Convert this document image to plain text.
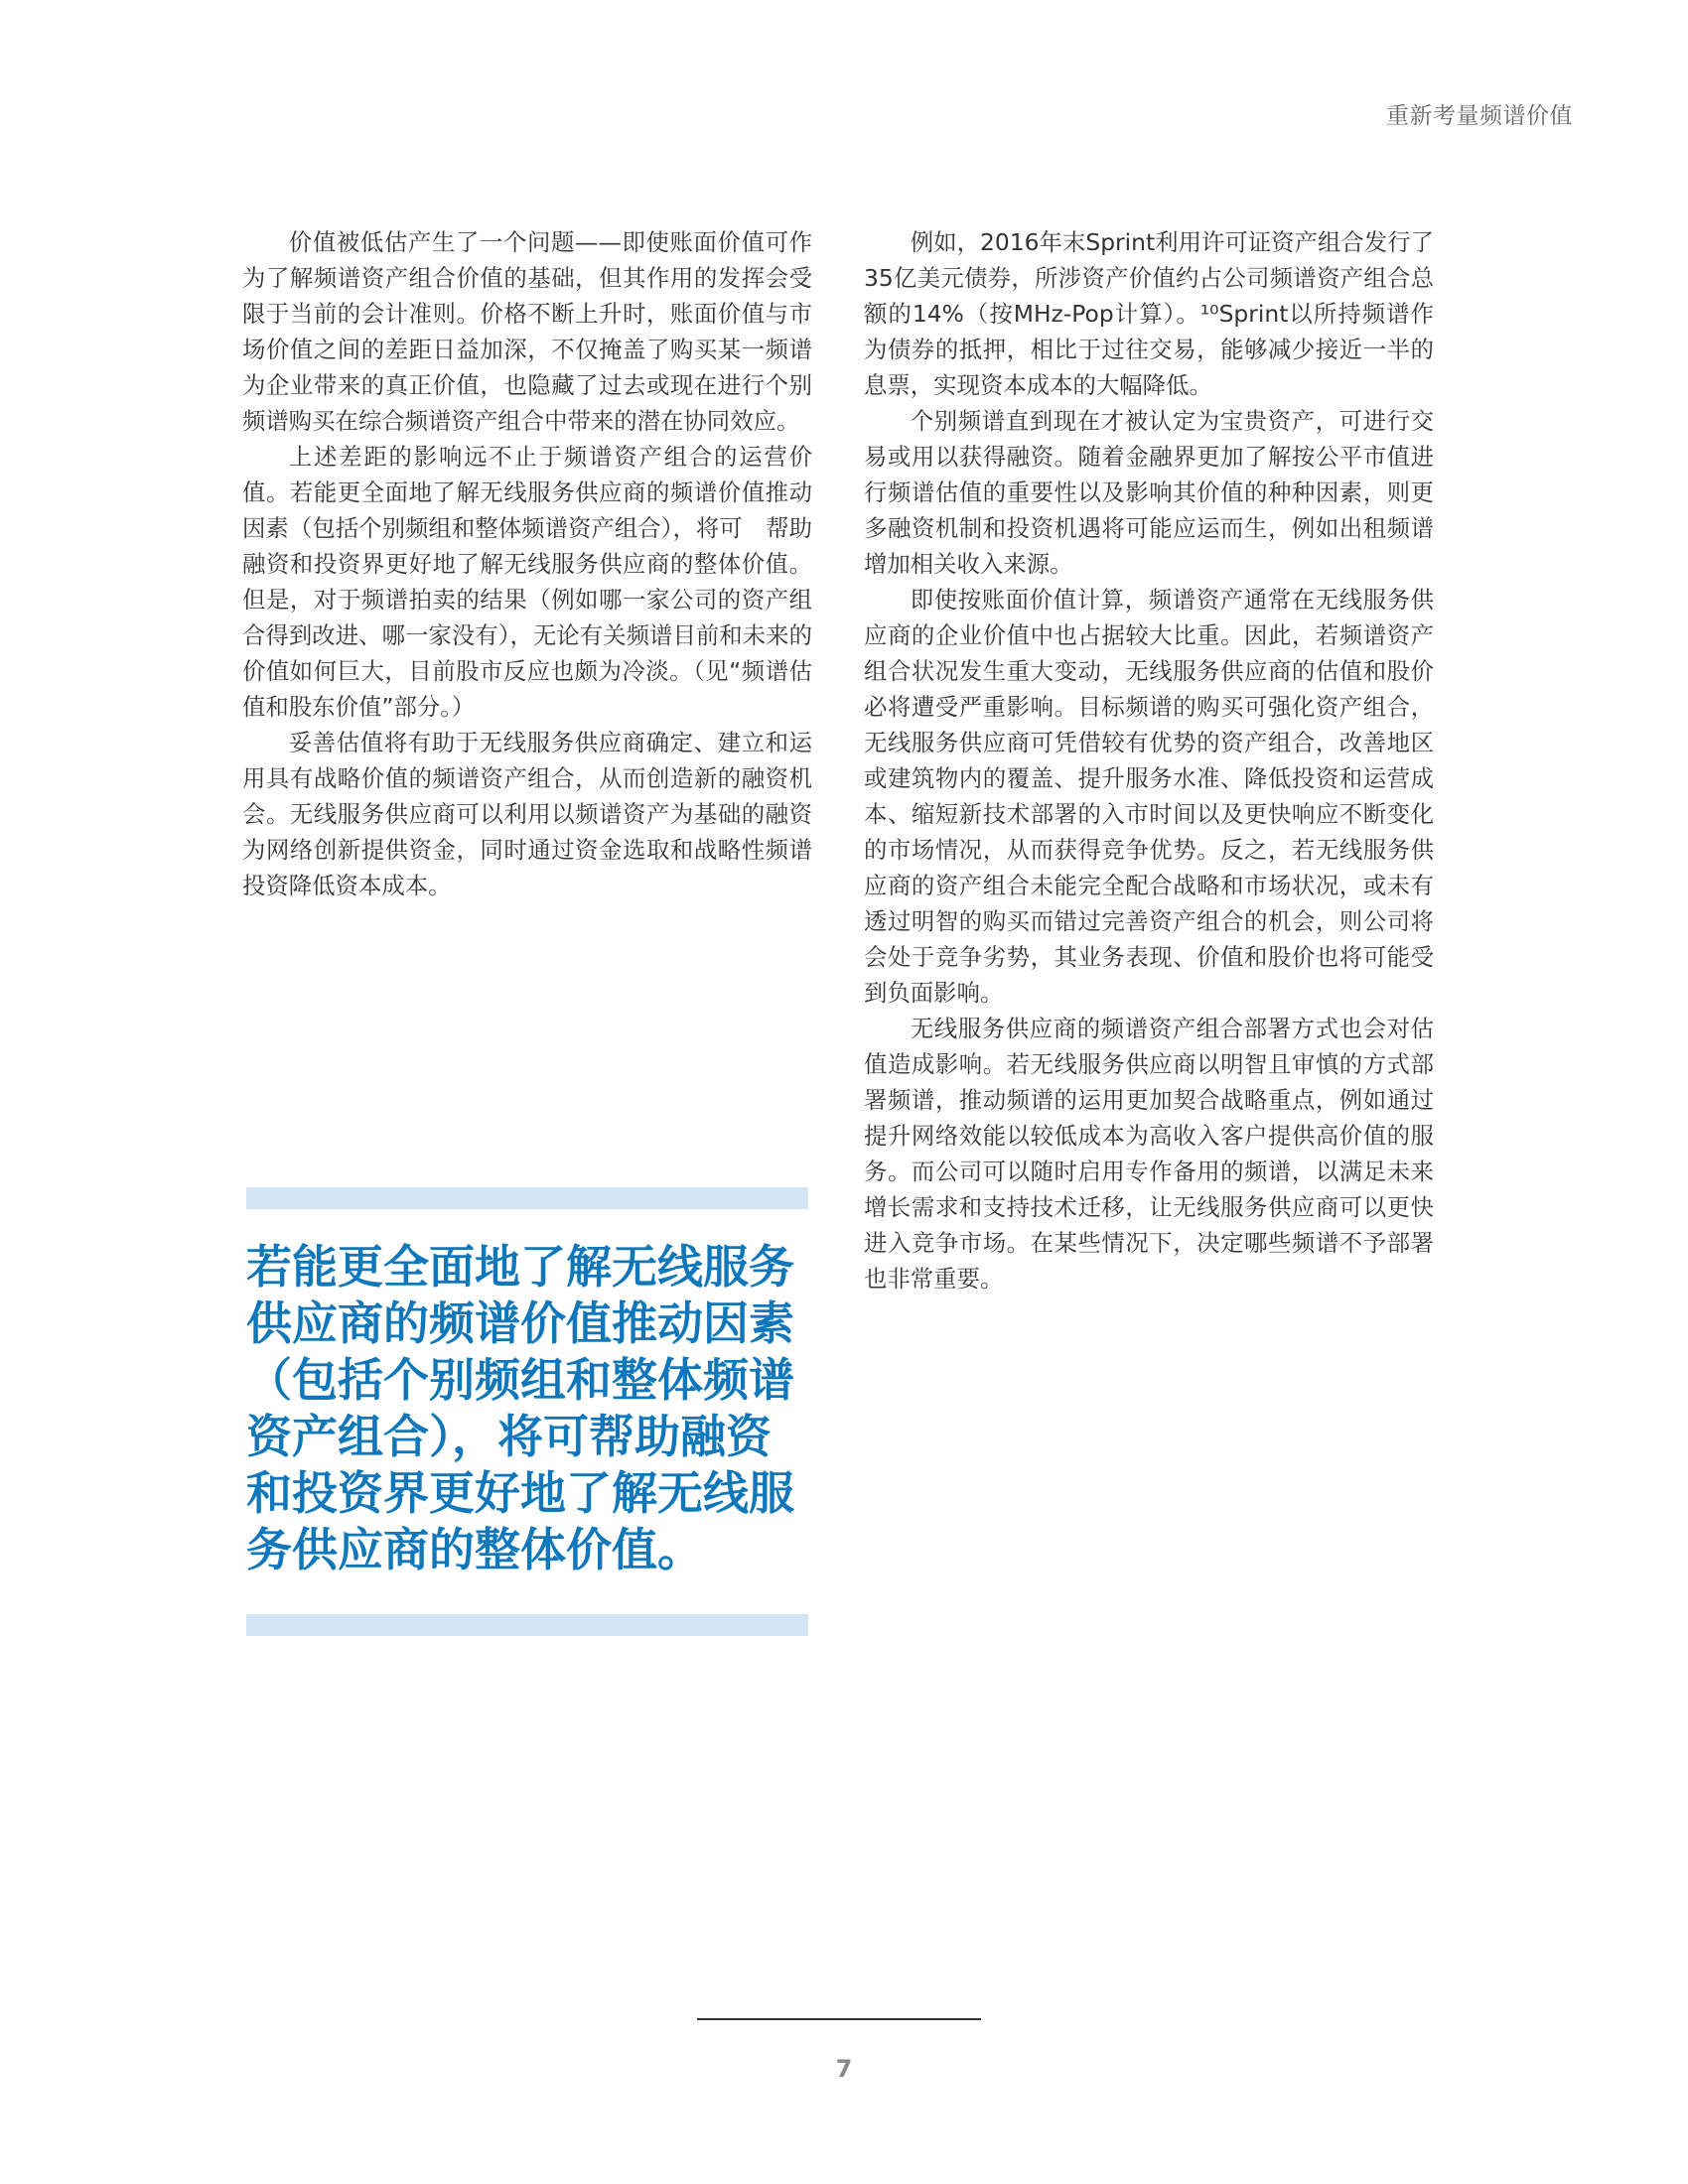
重新考量频谱价值

价值被低估产生了一个问题——即使账面价值可作为了解频谱资产组合价值的基础，但其作用的发挥会受限于当前的会计准则。价格不断上升时，账面价值与市场价值之间的差距日益加深，不仅掩盖了购买某一频谱为企业带来的真正价值，也隐藏了过去或现在进行个别频谱购买在综合频谱资产组合中带来的潜在协同效应。

上述差距的影响远不止于频谱资产组合的运营价值。若能更全面地了解无线服务供应商的频谱价值推动因素（包括个别频组和整体频谱资产组合），将可　帮助融资和投资界更好地了解无线服务供应商的整体价值。但是，对于频谱拍卖的结果（例如哪一家公司的资产组合得到改进、哪一家没有），无论有关频谱目前和未来的价值如何巨大，目前股市反应也颇为冷淡。（见“频谱估值和股东价值”部分。）

妥善估值将有助于无线服务供应商确定、建立和运用具有战略价值的频谱资产组合，从而创造新的融资机会。无线服务供应商可以利用以频谱资产为基础的融资为网络创新提供资金，同时通过资金选取和战略性频谱投资降低资本成本。

例如，2016年末Sprint利用许可证资产组合发行了35亿美元债券，所涉资产价值约占公司频谱资产组合总额的14%（按MHz-Pop计算）。¹⁰Sprint以所持频谱作为债券的抵押，相比于过往交易，能够减少接近一半的息票，实现资本成本的大幅降低。

个别频谱直到现在才被认定为宝贵资产，可进行交易或用以获得融资。随着金融界更加了解按公平市值进行频谱估值的重要性以及影响其价值的种种因素，则更多融资机制和投资机遇将可能应运而生，例如出租频谱增加相关收入来源。

即使按账面价值计算，频谱资产通常在无线服务供应商的企业价值中也占据较大比重。因此，若频谱资产组合状况发生重大变动，无线服务供应商的估值和股价必将遭受严重影响。目标频谱的购买可强化资产组合，无线服务供应商可凭借较有优势的资产组合，改善地区或建筑物内的覆盖、提升服务水准、降低投资和运营成本、缩短新技术部署的入市时间以及更快响应不断变化的市场情况，从而获得竞争优势。反之，若无线服务供应商的资产组合未能完全配合战略和市场状况，或未有透过明智的购买而错过完善资产组合的机会，则公司将会处于竞争劣势，其业务表现、价值和股价也将可能受到负面影响。

无线服务供应商的频谱资产组合部署方式也会对估值造成影响。若无线服务供应商以明智且审慎的方式部署频谱，推动频谱的运用更加契合战略重点，例如通过提升网络效能以较低成本为高收入客户提供高价值的服务。而公司可以随时启用专作备用的频谱，以满足未来增长需求和支持技术迁移，让无线服务供应商可以更快进入竞争市场。在某些情况下，决定哪些频谱不予部署也非常重要。

若能更全面地了解无线服务供应商的频谱价值推动因素（包括个别频组和整体频谱资产组合），将可帮助融资和投资界更好地了解无线服务供应商的整体价值。

7
